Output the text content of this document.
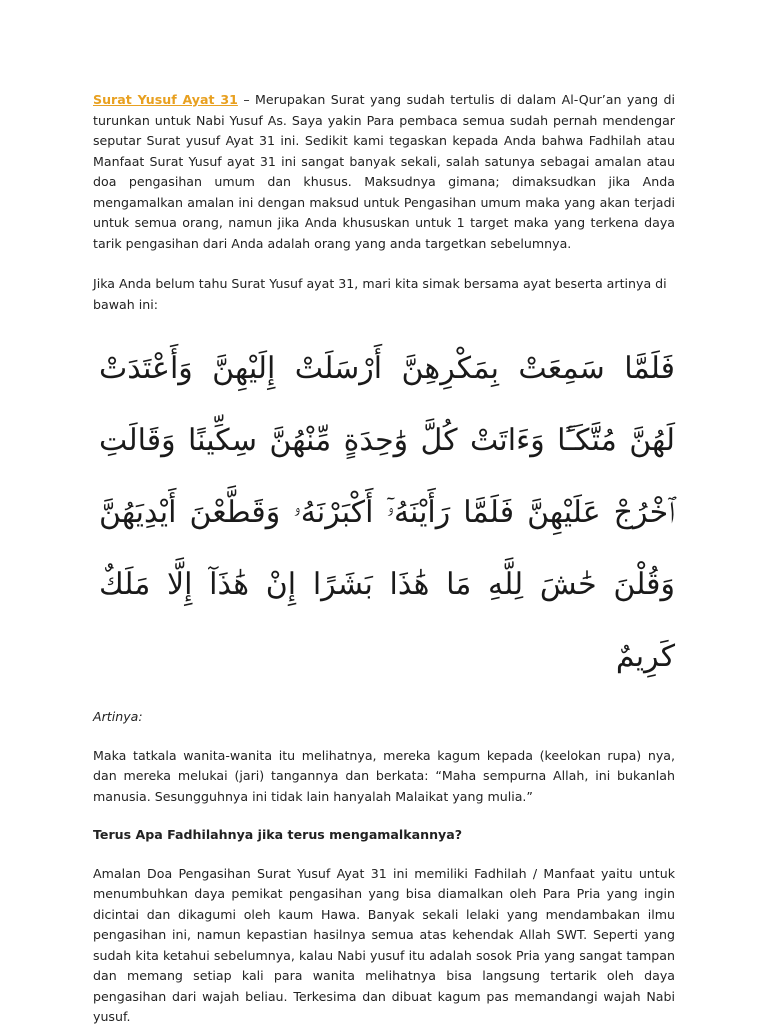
Surat Yusuf Ayat 31 – Merupakan Surat yang sudah tertulis di dalam Al-Qur’an yang di turunkan untuk Nabi Yusuf As. Saya yakin Para pembaca semua sudah pernah mendengar seputar Surat yusuf Ayat 31 ini. Sedikit kami tegaskan kepada Anda bahwa Fadhilah atau Manfaat Surat Yusuf ayat 31 ini sangat banyak sekali, salah satunya sebagai amalan atau doa pengasihan umum dan khusus. Maksudnya gimana; dimaksudkan jika Anda mengamalkan amalan ini dengan maksud untuk Pengasihan umum maka yang akan terjadi untuk semua orang, namun jika Anda khususkan untuk 1 target maka yang terkena daya tarik pengasihan dari Anda adalah orang yang anda targetkan sebelumnya.

Jika Anda belum tahu Surat Yusuf ayat 31, mari kita simak bersama ayat beserta artinya di bawah ini:

فَلَمَّا سَمِعَتْ بِمَكْرِهِنَّ أَرْسَلَتْ إِلَيْهِنَّ وَأَعْتَدَتْ لَهُنَّ مُتَّكَـًٔا وَءَاتَتْ كُلَّ وَٰحِدَةٍ مِّنْهُنَّ سِكِّينًا وَقَالَتِ ٱخْرُجْ عَلَيْهِنَّ فَلَمَّا رَأَيْنَهُۥٓ أَكْبَرْنَهُۥ وَقَطَّعْنَ أَيْدِيَهُنَّ وَقُلْنَ حَٰشَ لِلَّهِ مَا هَٰذَا بَشَرًا إِنْ هَٰذَآ إِلَّا مَلَكٌ كَرِيمٌ

Artinya:

Maka tatkala wanita-wanita itu melihatnya, mereka kagum kepada (keelokan rupa) nya, dan mereka melukai (jari) tangannya dan berkata: “Maha sempurna Allah, ini bukanlah manusia. Sesungguhnya ini tidak lain hanyalah Malaikat yang mulia.”

Terus Apa Fadhilahnya jika terus mengamalkannya?

Amalan Doa Pengasihan Surat Yusuf Ayat 31 ini memiliki Fadhilah / Manfaat yaitu untuk menumbuhkan daya pemikat pengasihan yang bisa diamalkan oleh Para Pria yang ingin dicintai dan dikagumi oleh kaum Hawa. Banyak sekali lelaki yang mendambakan ilmu pengasihan ini, namun kepastian hasilnya semua atas kehendak Allah SWT. Seperti yang sudah kita ketahui sebelumnya, kalau Nabi yusuf itu adalah sosok Pria yang sangat tampan dan memang setiap kali para wanita melihatnya bisa langsung tertarik oleh daya pengasihan dari wajah beliau. Terkesima dan dibuat kagum pas memandangi wajah Nabi yusuf.
